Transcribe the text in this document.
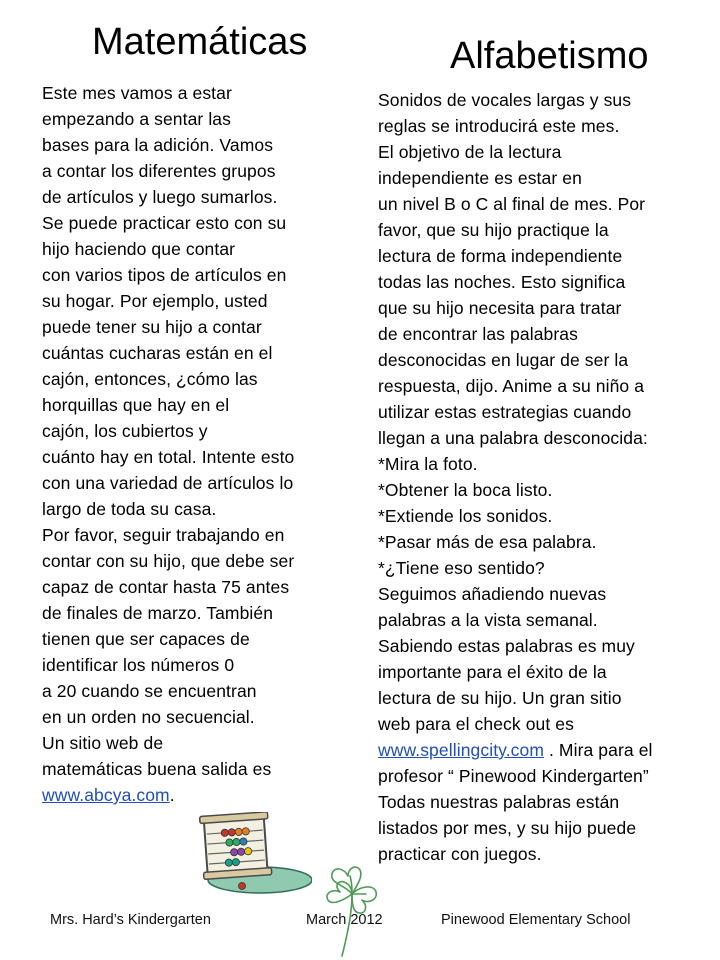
Matemáticas	Alfabetismo
Este mes vamos a estar
empezando a sentar las
bases para la adición. Vamos
a contar los diferentes grupos
de artículos y luego sumarlos.
Se puede practicar esto con su
hijo haciendo que contar
con varios tipos de artículos en
su hogar. Por ejemplo, usted
puede tener su hijo a contar
cuántas cucharas están en el
cajón, entonces, ¿cómo las
horquillas que hay en el
cajón, los cubiertos y
cuánto hay en total. Intente esto
con una variedad de artículos lo
largo de toda su casa.
Por favor, seguir trabajando en
contar con su hijo, que debe ser
capaz de contar hasta 75 antes
de finales de marzo. También
tienen que ser capaces de
identificar los números 0
a 20 cuando se encuentran
en un orden no secuencial.
Un sitio web de
matemáticas buena salida es
www.abcya.com.
Sonidos de vocales largas y sus
reglas se introducirá este mes.
El objetivo de la lectura
independiente es estar en
un nivel B o C al final de mes. Por
favor, que su hijo practique la
lectura de forma independiente
todas las noches. Esto significa
que su hijo necesita para tratar
de encontrar las palabras
desconocidas en lugar de ser la
respuesta, dijo. Anime a su niño a
utilizar estas estrategias cuando
llegan a una palabra desconocida:
*Mira la foto.
*Obtener la boca listo.
*Extiende los sonidos.
*Pasar más de esa palabra.
*¿Tiene eso sentido?
Seguimos añadiendo nuevas
palabras a la vista semanal.
Sabiendo estas palabras es muy
importante para el éxito de la
lectura de su hijo. Un gran sitio
web para el check out es
www.spellingcity.com . Mira para el
profesor “ Pinewood Kindergarten”
Todas nuestras palabras están
listados por mes, y su hijo puede
practicar con juegos.
Mrs. Hard’s Kindergarten	March 2012	Pinewood Elementary School
